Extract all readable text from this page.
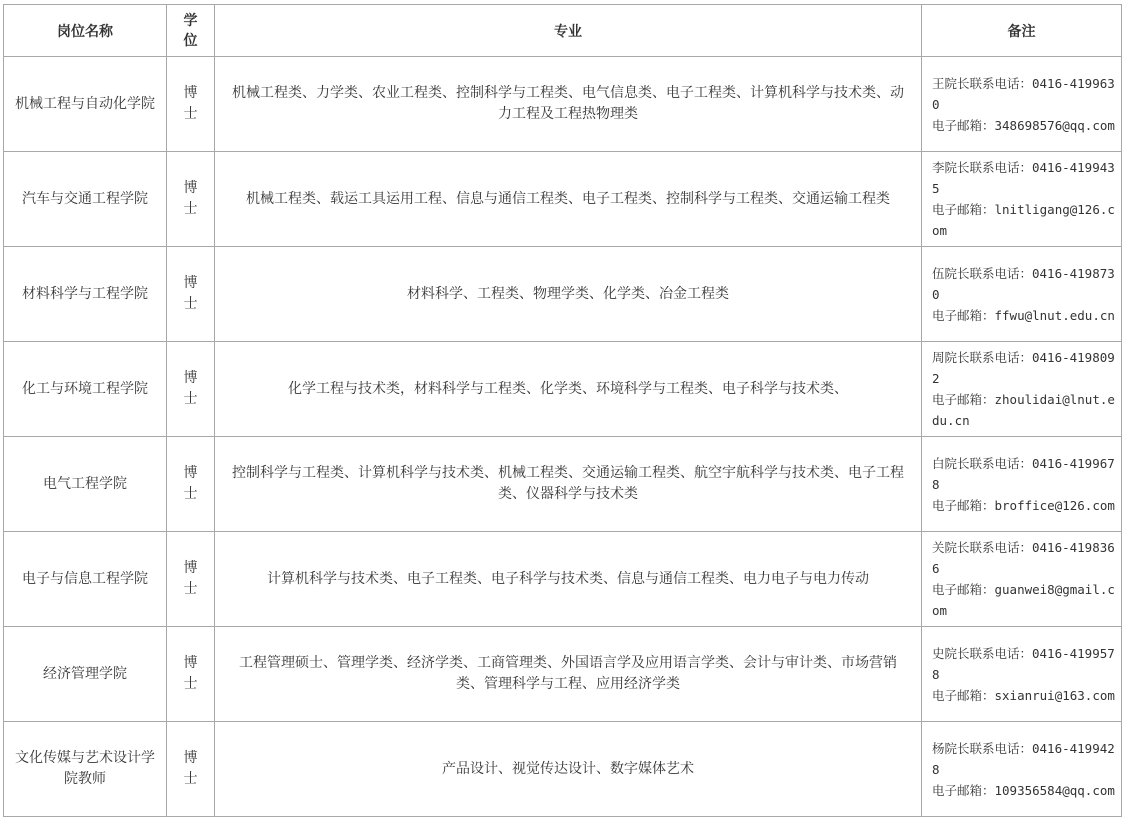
岗位名称	学位	专业	备注
机械工程与自动化学院	博士	机械工程类、力学类、农业工程类、控制科学与工程类、电气信息类、电子工程类、计算机科学与技术类、动力工程及工程热物理类	王院长联系电话：0416-4199630
电子邮箱：348698576@qq.com

汽车与交通工程学院	博士	机械工程类、载运工具运用工程、信息与通信工程类、电子工程类、控制科学与工程类、交通运输工程类	李院长联系电话：0416-4199435
电子邮箱：lnitligang@126.com

材料科学与工程学院	博士	材料科学、工程类、物理学类、化学类、冶金工程类	伍院长联系电话：0416-4198730
电子邮箱：ffwu@lnut.edu.cn

化工与环境工程学院	博士	化学工程与技术类，材料科学与工程类、化学类、环境科学与工程类、电子科学与技术类、	周院长联系电话：0416-4198092
电子邮箱：zhoulidai@lnut.edu.cn

电气工程学院	博士	控制科学与工程类、计算机科学与技术类、机械工程类、交通运输工程类、航空宇航科学与技术类、电子工程类、仪器科学与技术类	白院长联系电话：0416-4199678
电子邮箱：broffice@126.com

电子与信息工程学院	博士	计算机科学与技术类、电子工程类、电子科学与技术类、信息与通信工程类、电力电子与电力传动	关院长联系电话：0416-4198366
电子邮箱：guanwei8@gmail.com

经济管理学院	博士	工程管理硕士、管理学类、经济学类、工商管理类、外国语言学及应用语言学类、会计与审计类、市场营销类、管理科学与工程、应用经济学类	史院长联系电话：0416-4199578
电子邮箱：sxianrui@163.com

文化传媒与艺术设计学院教师	博士	产品设计、视觉传达设计、数字媒体艺术	杨院长联系电话：0416-4199428
电子邮箱：109356584@qq.com
